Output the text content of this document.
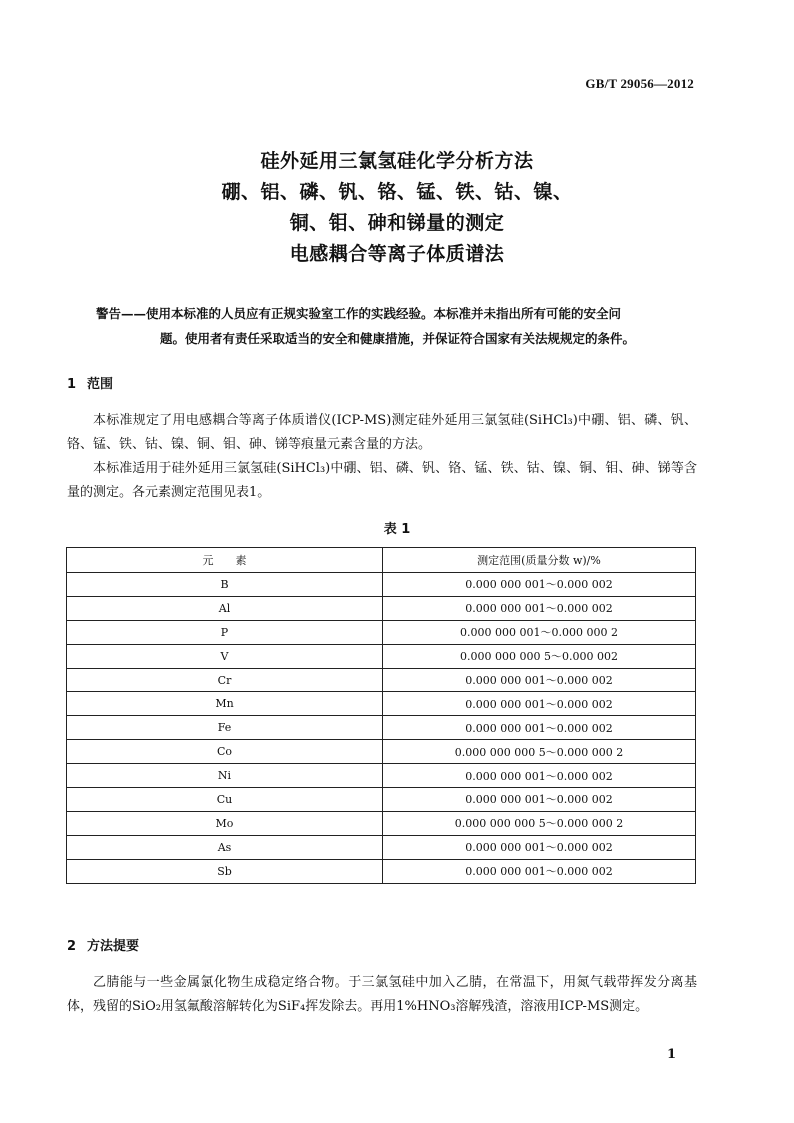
GB/T 29056—2012
硅外延用三氯氢硅化学分析方法
硼、铝、磷、钒、铬、锰、铁、钴、镍、
铜、钼、砷和锑量的测定
电感耦合等离子体质谱法
警告——使用本标准的人员应有正规实验室工作的实践经验。本标准并未指出所有可能的安全问
题。使用者有责任采取适当的安全和健康措施，并保证符合国家有关法规规定的条件。
1 范围
本标准规定了用电感耦合等离子体质谱仪(ICP-MS)测定硅外延用三氯氢硅(SiHCl₃)中硼、铝、磷、钒、铬、锰、铁、钴、镍、铜、钼、砷、锑等痕量元素含量的方法。
本标准适用于硅外延用三氯氢硅(SiHCl₃)中硼、铝、磷、钒、铬、锰、铁、钴、镍、铜、钼、砷、锑等含量的测定。各元素测定范围见表1。
表 1
元　　素	测定范围(质量分数 w)/%
B	0.000 000 001～0.000 002
Al	0.000 000 001～0.000 002
P	0.000 000 001～0.000 000 2
V	0.000 000 000 5～0.000 002
Cr	0.000 000 001～0.000 002
Mn	0.000 000 001～0.000 002
Fe	0.000 000 001～0.000 002
Co	0.000 000 000 5～0.000 000 2
Ni	0.000 000 001～0.000 002
Cu	0.000 000 001～0.000 002
Mo	0.000 000 000 5～0.000 000 2
As	0.000 000 001～0.000 002
Sb	0.000 000 001～0.000 002
2 方法提要
乙腈能与一些金属氯化物生成稳定络合物。于三氯氢硅中加入乙腈，在常温下，用氮气载带挥发分离基体，残留的SiO₂用氢氟酸溶解转化为SiF₄挥发除去。再用1%HNO₃溶解残渣，溶液用ICP-MS测定。
1
